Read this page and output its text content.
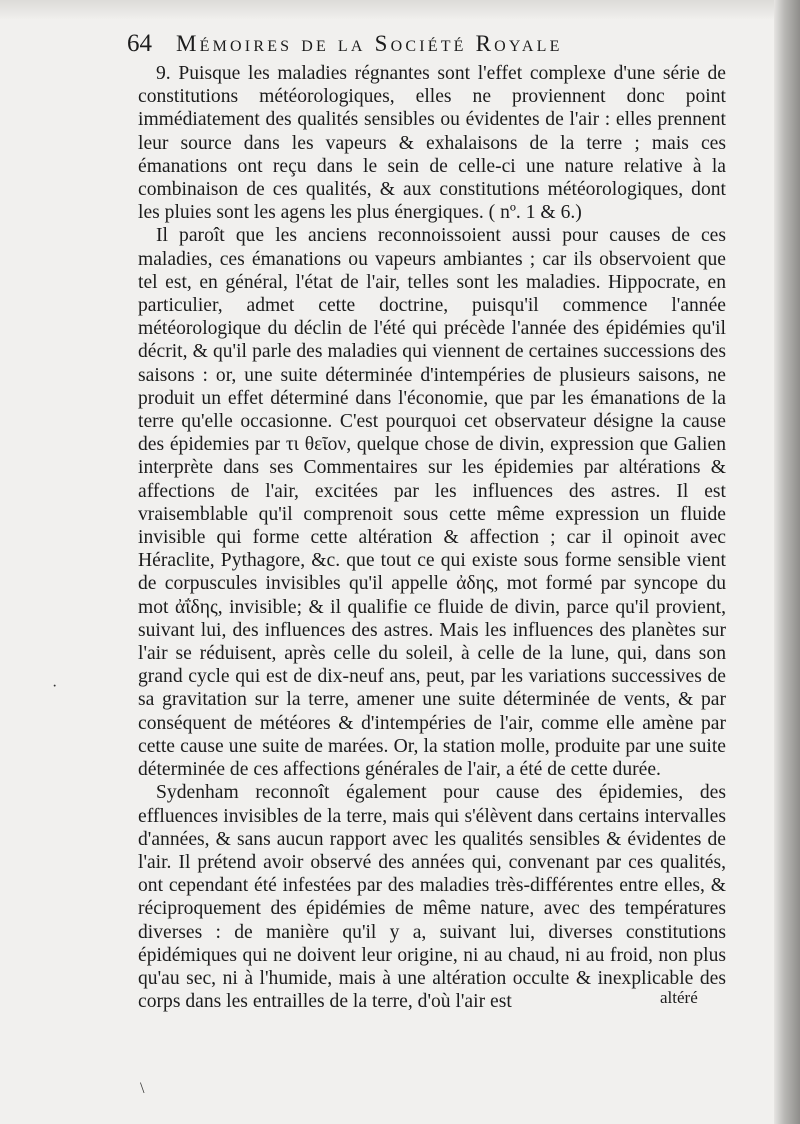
64 Mémoires de la Société Royale

9. Puisque les maladies régnantes sont l'effet complexe d'une série de constitutions météorologiques, elles ne proviennent donc point immédiatement des qualités sensibles ou évidentes de l'air : elles prennent leur source dans les vapeurs & exhalaisons de la terre ; mais ces émanations ont reçu dans le sein de celle-ci une nature relative à la combinaison de ces qualités, & aux constitutions météorologiques, dont les pluies sont les agens les plus énergiques. ( nº. 1 & 6.)

Il paroît que les anciens reconnoissoient aussi pour causes de ces maladies, ces émanations ou vapeurs ambiantes ; car ils observoient que tel est, en général, l'état de l'air, telles sont les maladies. Hippocrate, en particulier, admet cette doctrine, puisqu'il commence l'année météorologique du déclin de l'été qui précède l'année des épidémies qu'il décrit, & qu'il parle des maladies qui viennent de certaines successions des saisons : or, une suite déterminée d'intempéries de plusieurs saisons, ne produit un effet déterminé dans l'économie, que par les émanations de la terre qu'elle occasionne. C'est pourquoi cet observateur désigne la cause des épidemies par τι θεῖον, quelque chose de divin, expression que Galien interprète dans ses Commentaires sur les épidemies par altérations & affections de l'air, excitées par les influences des astres. Il est vraisemblable qu'il comprenoit sous cette même expression un fluide invisible qui forme cette altération & affection ; car il opinoit avec Héraclite, Pythagore, &c. que tout ce qui existe sous forme sensible vient de corpuscules invisibles qu'il appelle ἀδης, mot formé par syncope du mot ἀΐδης, invisible; & il qualifie ce fluide de divin, parce qu'il provient, suivant lui, des influences des astres. Mais les influences des planètes sur l'air se réduisent, après celle du soleil, à celle de la lune, qui, dans son grand cycle qui est de dix-neuf ans, peut, par les variations successives de sa gravitation sur la terre, amener une suite déterminée de vents, & par conséquent de météores & d'intempéries de l'air, comme elle amène par cette cause une suite de marées. Or, la station molle, produite par une suite déterminée de ces affections générales de l'air, a été de cette durée.

Sydenham reconnoît également pour cause des épidemies, des effluences invisibles de la terre, mais qui s'élèvent dans certains intervalles d'années, & sans aucun rapport avec les qualités sensibles & évidentes de l'air. Il prétend avoir observé des années qui, convenant par ces qualités, ont cependant été infestées par des maladies très-différentes entre elles, & réciproquement des épidémies de même nature, avec des températures diverses : de manière qu'il y a, suivant lui, diverses constitutions épidémiques qui ne doivent leur origine, ni au chaud, ni au froid, non plus qu'au sec, ni à l'humide, mais à une altération occulte & inexplicable des corps dans les entrailles de la terre, d'où l'air est	altéré
·
\
